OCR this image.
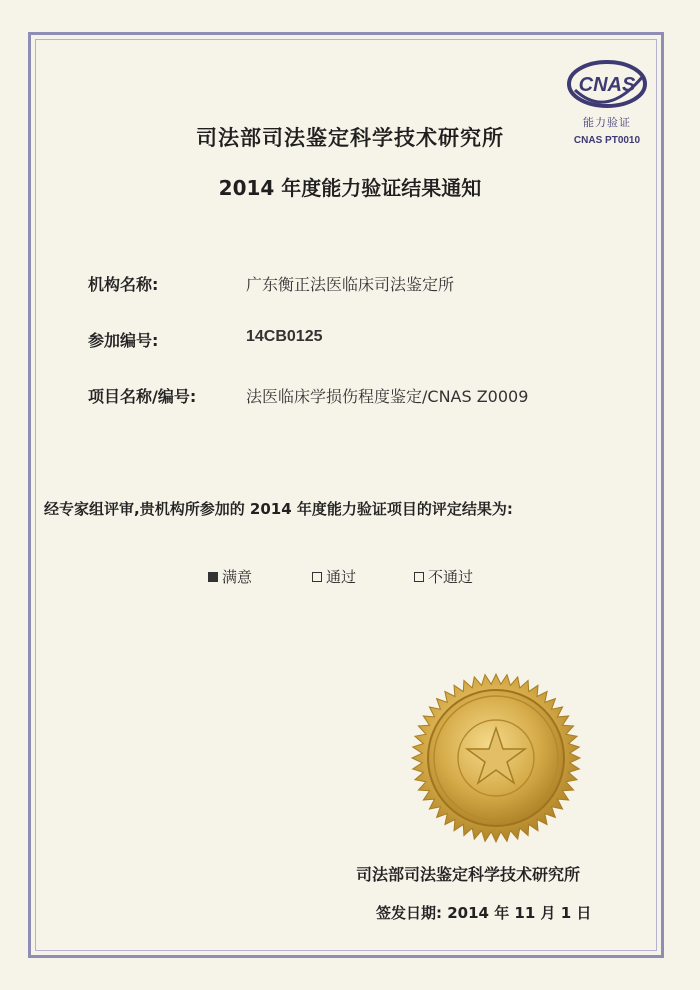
CNAS
能力验证
CNAS PT0010
司法部司法鉴定科学技术研究所
2014 年度能力验证结果通知
机构名称:	广东衡正法医临床司法鉴定所
参加编号:	14CB0125
项目名称/编号:	法医临床学损伤程度鉴定/CNAS Z0009
经专家组评审,贵机构所参加的 2014 年度能力验证项目的评定结果为:
满意	通过	不通过
司法部司法鉴定科学技术研究所
签发日期: 2014 年 11 月 1 日
